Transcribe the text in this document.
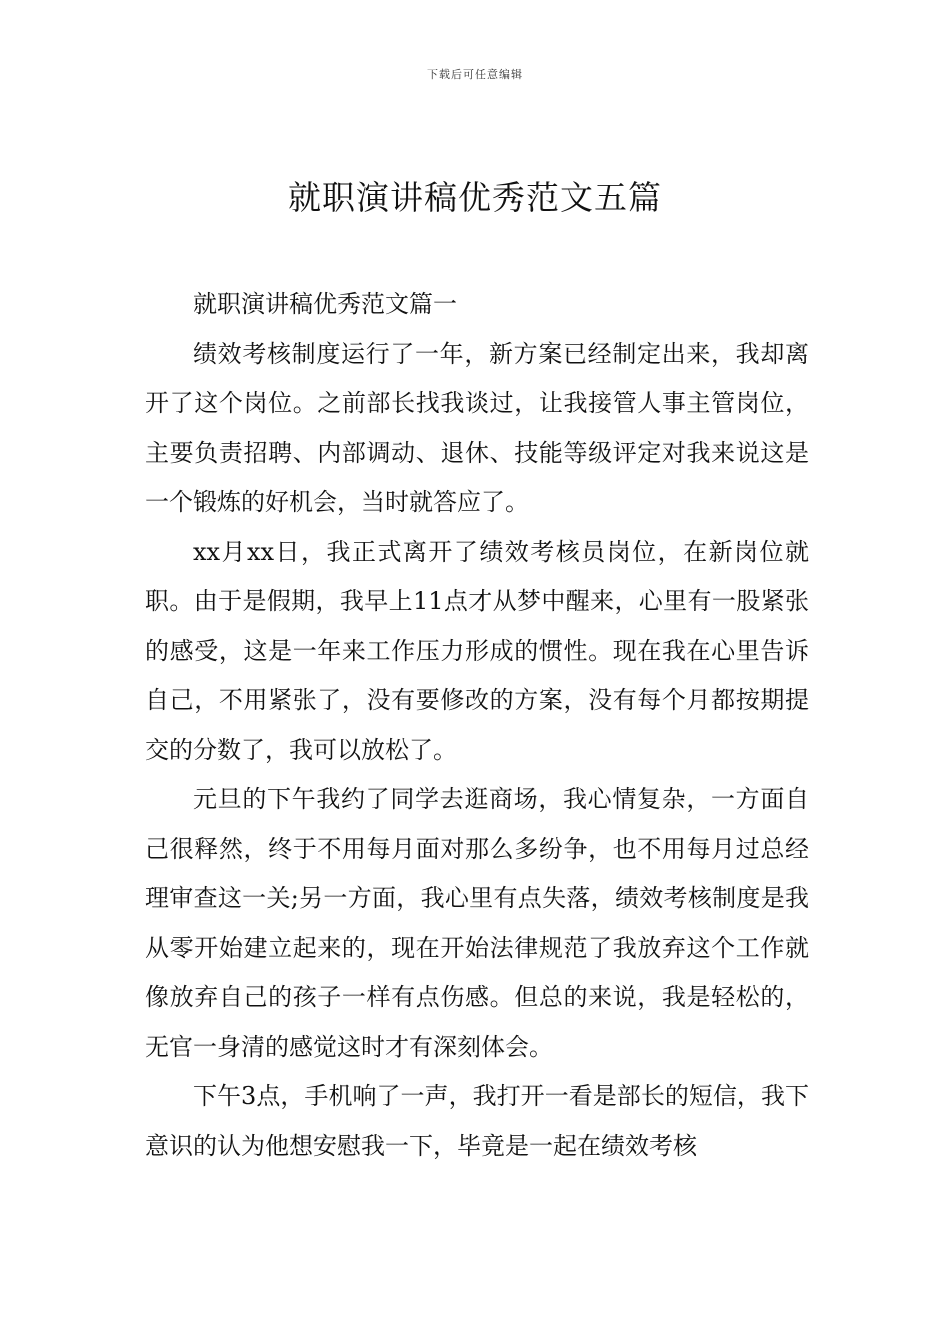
下载后可任意编辑
就职演讲稿优秀范文五篇

就职演讲稿优秀范文篇一

绩效考核制度运行了一年，新方案已经制定出来，我却离开了这个岗位。之前部长找我谈过，让我接管人事主管岗位，主要负责招聘、内部调动、退休、技能等级评定对我来说这是一个锻炼的好机会，当时就答应了。

xx月xx日，我正式离开了绩效考核员岗位，在新岗位就职。由于是假期，我早上11点才从梦中醒来，心里有一股紧张的感受，这是一年来工作压力形成的惯性。现在我在心里告诉自己，不用紧张了，没有要修改的方案，没有每个月都按期提交的分数了，我可以放松了。

元旦的下午我约了同学去逛商场，我心情复杂，一方面自己很释然，终于不用每月面对那么多纷争，也不用每月过总经理审查这一关;另一方面，我心里有点失落，绩效考核制度是我从零开始建立起来的，现在开始法律规范了我放弃这个工作就像放弃自己的孩子一样有点伤感。但总的来说，我是轻松的，无官一身清的感觉这时才有深刻体会。

下午3点，手机响了一声，我打开一看是部长的短信，我下意识的认为他想安慰我一下，毕竟是一起在绩效考核
